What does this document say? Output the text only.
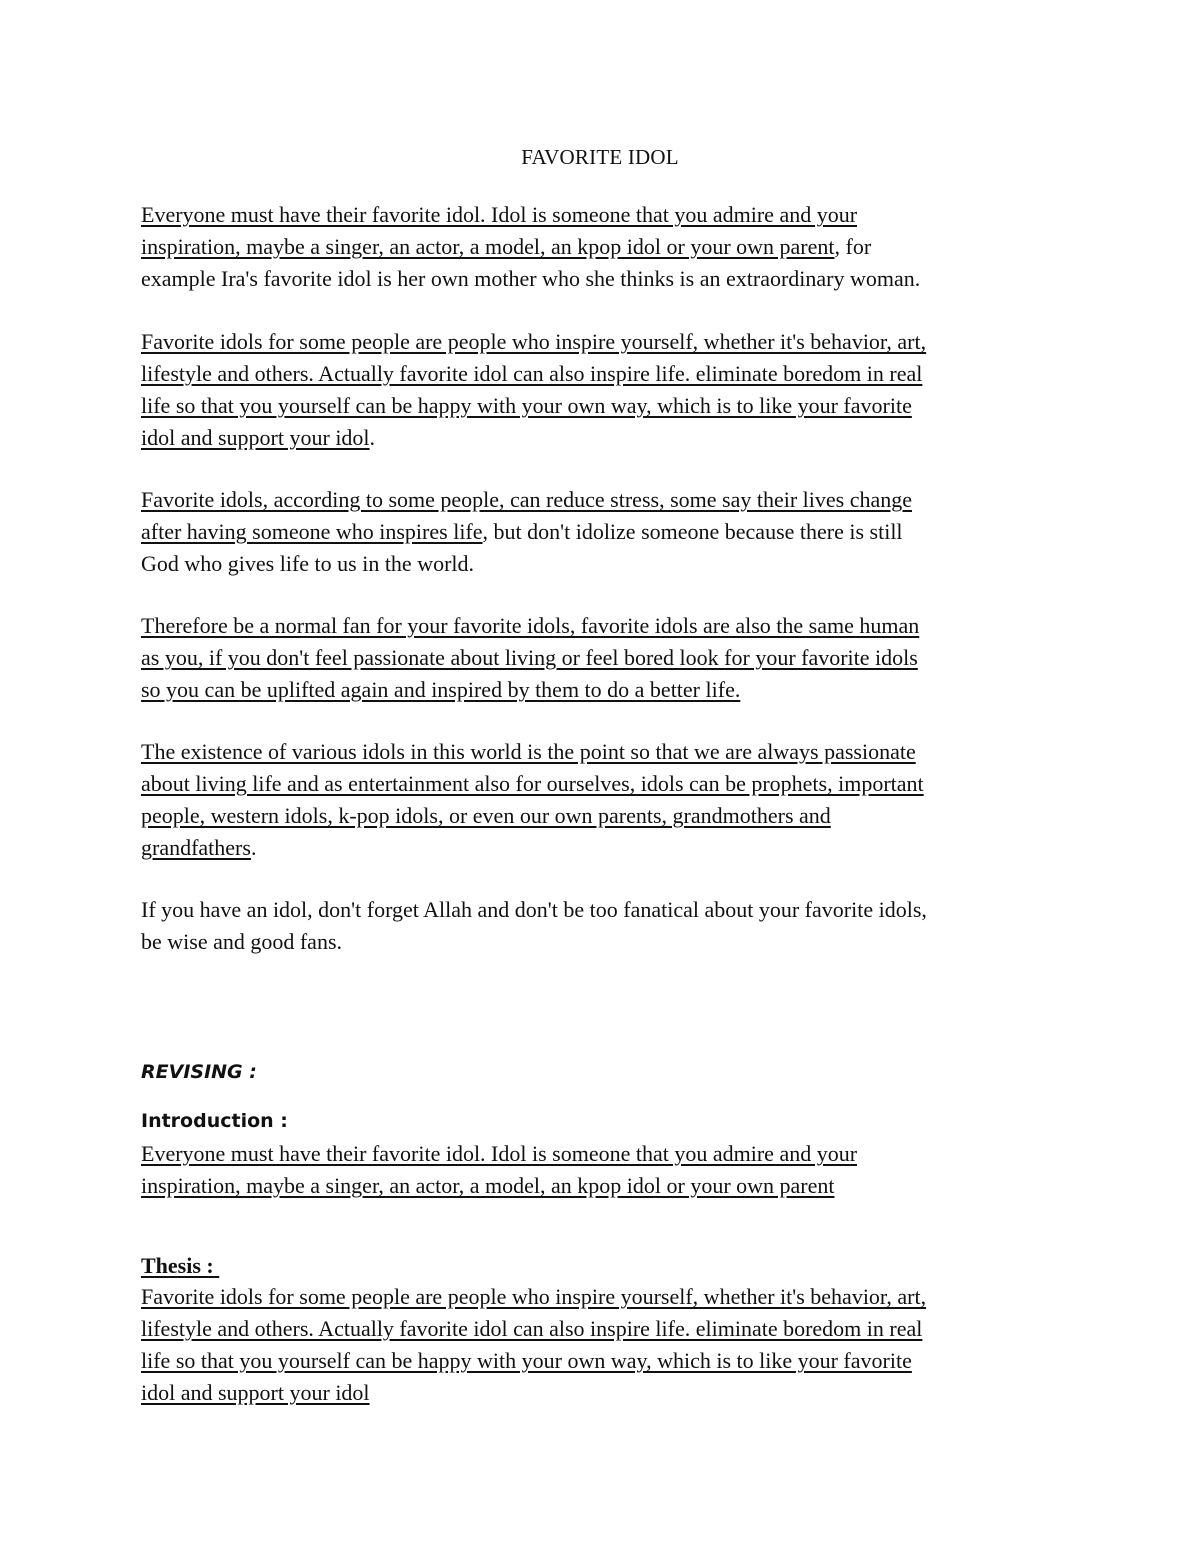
FAVORITE IDOL
Everyone must have their favorite idol. Idol is someone that you admire and your
inspiration, maybe a singer, an actor, a model, an kpop idol or your own parent, for
example Ira's favorite idol is her own mother who she thinks is an extraordinary woman.
Favorite idols for some people are people who inspire yourself, whether it's behavior, art,
lifestyle and others. Actually favorite idol can also inspire life. eliminate boredom in real
life so that you yourself can be happy with your own way, which is to like your favorite
idol and support your idol.
Favorite idols, according to some people, can reduce stress, some say their lives change
after having someone who inspires life, but don't idolize someone because there is still
God who gives life to us in the world.
Therefore be a normal fan for your favorite idols, favorite idols are also the same human
as you, if you don't feel passionate about living or feel bored look for your favorite idols
so you can be uplifted again and inspired by them to do a better life.
The existence of various idols in this world is the point so that we are always passionate
about living life and as entertainment also for ourselves, idols can be prophets, important
people, western idols, k-pop idols, or even our own parents, grandmothers and
grandfathers.
If you have an idol, don't forget Allah and don't be too fanatical about your favorite idols,
be wise and good fans.
REVISING :
Introduction :
Everyone must have their favorite idol. Idol is someone that you admire and your
inspiration, maybe a singer, an actor, a model, an kpop idol or your own parent
Thesis :
Favorite idols for some people are people who inspire yourself, whether it's behavior, art,
lifestyle and others. Actually favorite idol can also inspire life. eliminate boredom in real
life so that you yourself can be happy with your own way, which is to like your favorite
idol and support your idol
